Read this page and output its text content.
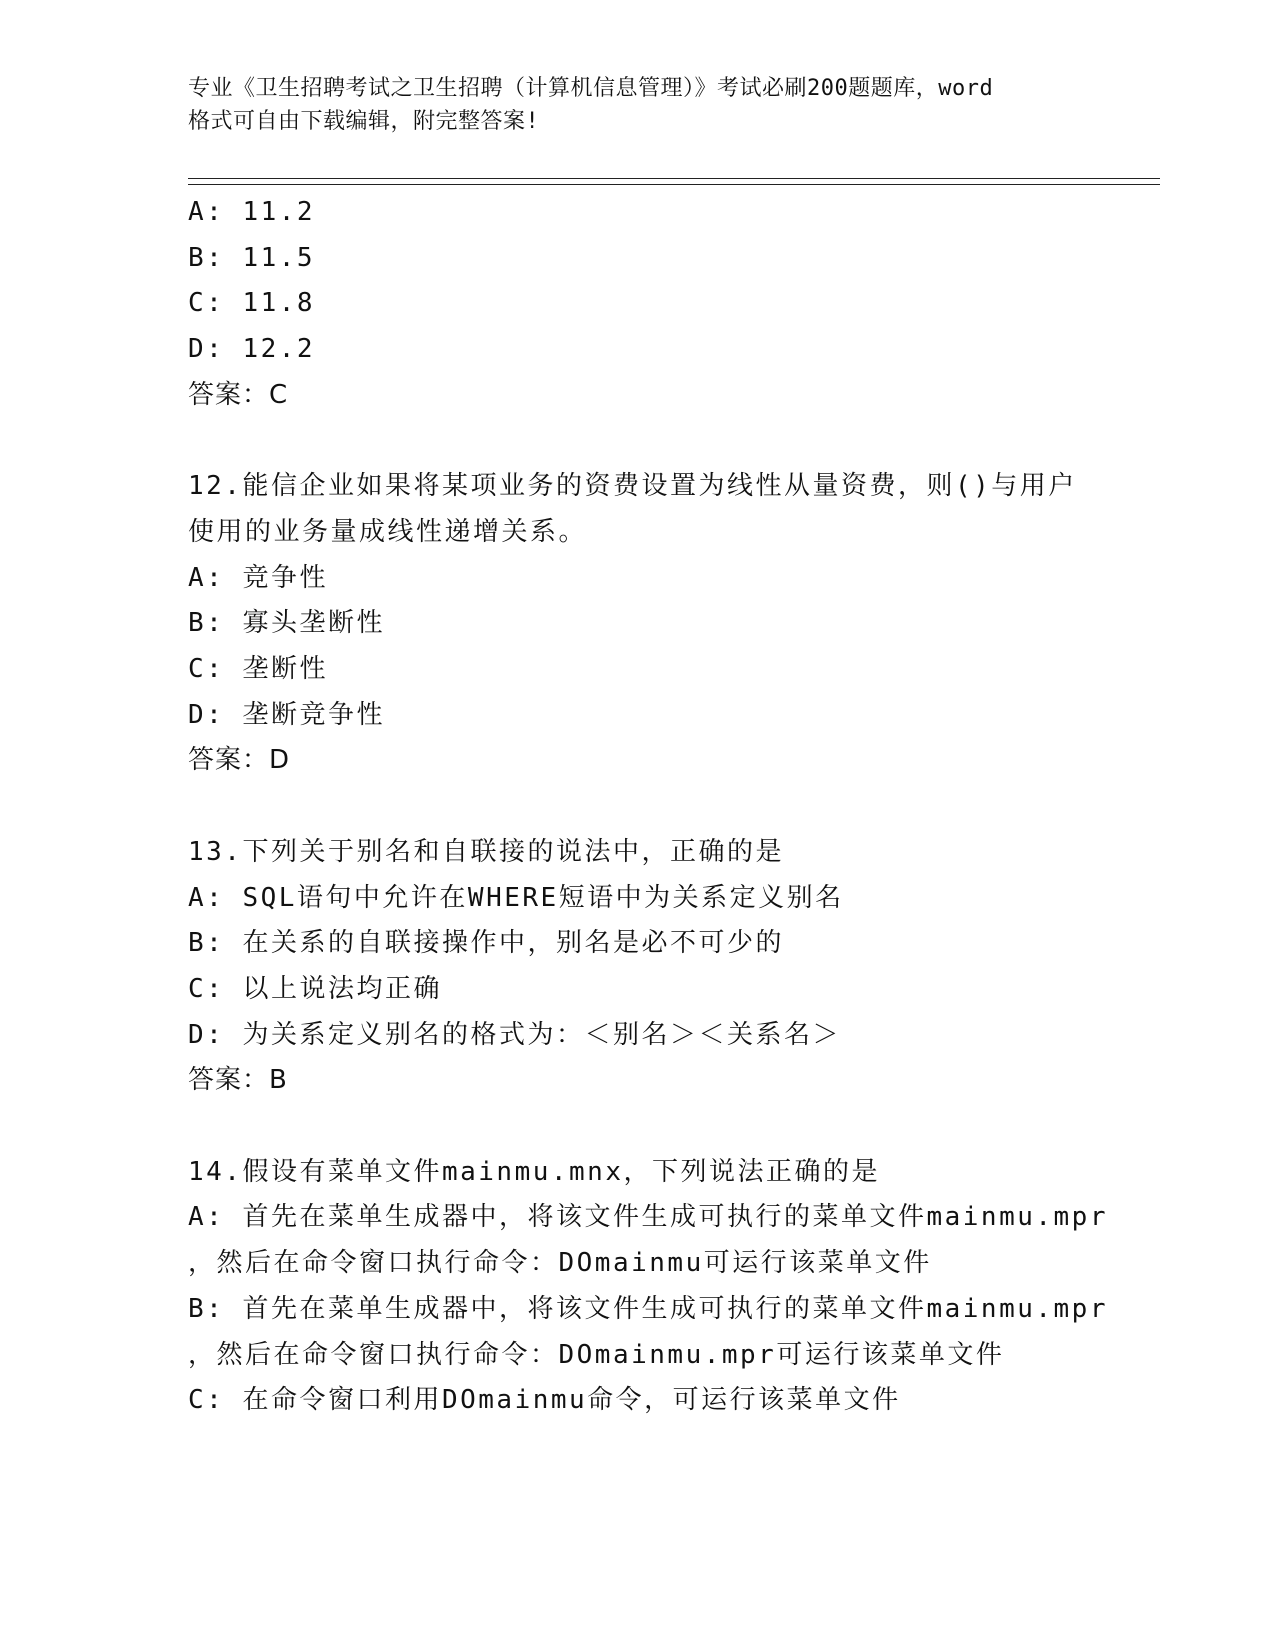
专业《卫生招聘考试之卫生招聘（计算机信息管理）》考试必刷200题题库，word
格式可自由下载编辑，附完整答案!
A: 11.2
B: 11.5
C: 11.8
D: 12.2
答案：C
12.能信企业如果将某项业务的资费设置为线性从量资费，则()与用户
使用的业务量成线性递增关系。
A: 竞争性
B: 寡头垄断性
C: 垄断性
D: 垄断竞争性
答案：D
13.下列关于别名和自联接的说法中，正确的是
A: SQL语句中允许在WHERE短语中为关系定义别名
B: 在关系的自联接操作中，别名是必不可少的
C: 以上说法均正确
D: 为关系定义别名的格式为：＜别名＞＜关系名＞
答案：B
14.假设有菜单文件mainmu.mnx，下列说法正确的是
A: 首先在菜单生成器中，将该文件生成可执行的菜单文件mainmu.mpr
，然后在命令窗口执行命令：DOmainmu可运行该菜单文件
B: 首先在菜单生成器中，将该文件生成可执行的菜单文件mainmu.mpr
，然后在命令窗口执行命令：DOmainmu.mpr可运行该菜单文件
C: 在命令窗口利用DOmainmu命令，可运行该菜单文件
